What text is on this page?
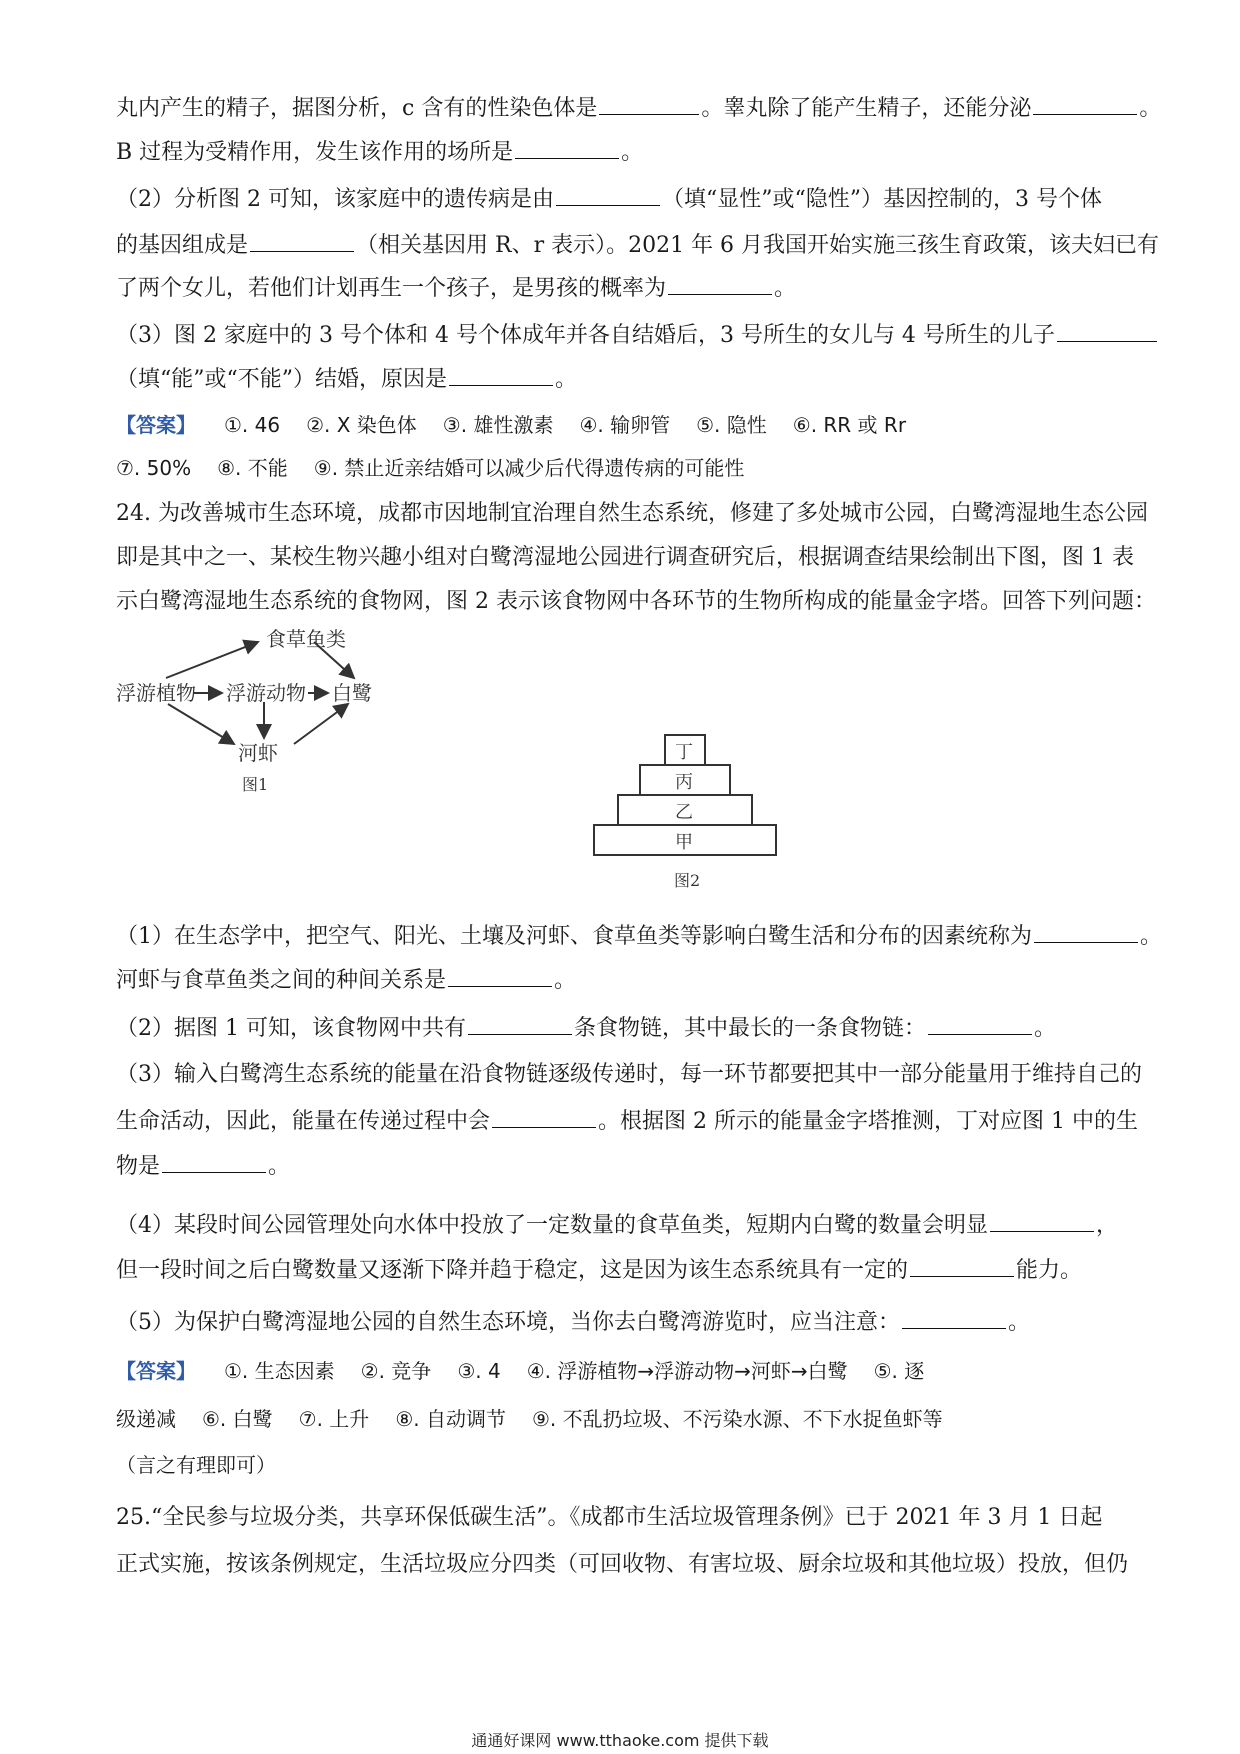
丸内产生的精子，据图分析，c 含有的性染色体是	。睾丸除了能产生精子，还能分泌	。
B 过程为受精作用，发生该作用的场所是	。
（2）分析图 2 可知，该家庭中的遗传病是由	（填“显性”或“隐性”）基因控制的，3 号个体
的基因组成是	（相关基因用 R、r 表示）。2021 年 6 月我国开始实施三孩生育政策，该夫妇已有
了两个女儿，若他们计划再生一个孩子，是男孩的概率为	。
（3）图 2 家庭中的 3 号个体和 4 号个体成年并各自结婚后，3 号所生的女儿与 4 号所生的儿子
（填“能”或“不能”）结婚，原因是	。
【答案】 ①. 46 ②. X 染色体 ③. 雄性激素 ④. 输卵管 ⑤. 隐性 ⑥. RR 或 Rr
⑦. 50% ⑧. 不能 ⑨. 禁止近亲结婚可以减少后代得遗传病的可能性
24. 为改善城市生态环境，成都市因地制宜治理自然生态系统，修建了多处城市公园，白鹭湾湿地生态公园
即是其中之一、某校生物兴趣小组对白鹭湾湿地公园进行调查研究后，根据调查结果绘制出下图，图 1 表
示白鹭湾湿地生态系统的食物网，图 2 表示该食物网中各环节的生物所构成的能量金字塔。回答下列问题：
食草鱼类
浮游植物 浮游动物 白鹭
河虾
图1
丁
丙
乙
甲
图2
（1）在生态学中，把空气、阳光、土壤及河虾、食草鱼类等影响白鹭生活和分布的因素统称为	。
河虾与食草鱼类之间的种间关系是	。
（2）据图 1 可知，该食物网中共有	条食物链，其中最长的一条食物链：	。
（3）输入白鹭湾生态系统的能量在沿食物链逐级传递时，每一环节都要把其中一部分能量用于维持自己的
生命活动，因此，能量在传递过程中会	。根据图 2 所示的能量金字塔推测，丁对应图 1 中的生
物是	。
（4）某段时间公园管理处向水体中投放了一定数量的食草鱼类，短期内白鹭的数量会明显	，
但一段时间之后白鹭数量又逐渐下降并趋于稳定，这是因为该生态系统具有一定的	能力。
（5）为保护白鹭湾湿地公园的自然生态环境，当你去白鹭湾游览时，应当注意：	。
【答案】 ①. 生态因素 ②. 竞争 ③. 4 ④. 浮游植物→浮游动物→河虾→白鹭 ⑤. 逐
级递减 ⑥. 白鹭 ⑦. 上升 ⑧. 自动调节 ⑨. 不乱扔垃圾、不污染水源、不下水捉鱼虾等
（言之有理即可）
25.“全民参与垃圾分类，共享环保低碳生活”。《成都市生活垃圾管理条例》已于 2021 年 3 月 1 日起
正式实施，按该条例规定，生活垃圾应分四类（可回收物、有害垃圾、厨余垃圾和其他垃圾）投放，但仍
通通好课网 www.tthaoke.com 提供下载
